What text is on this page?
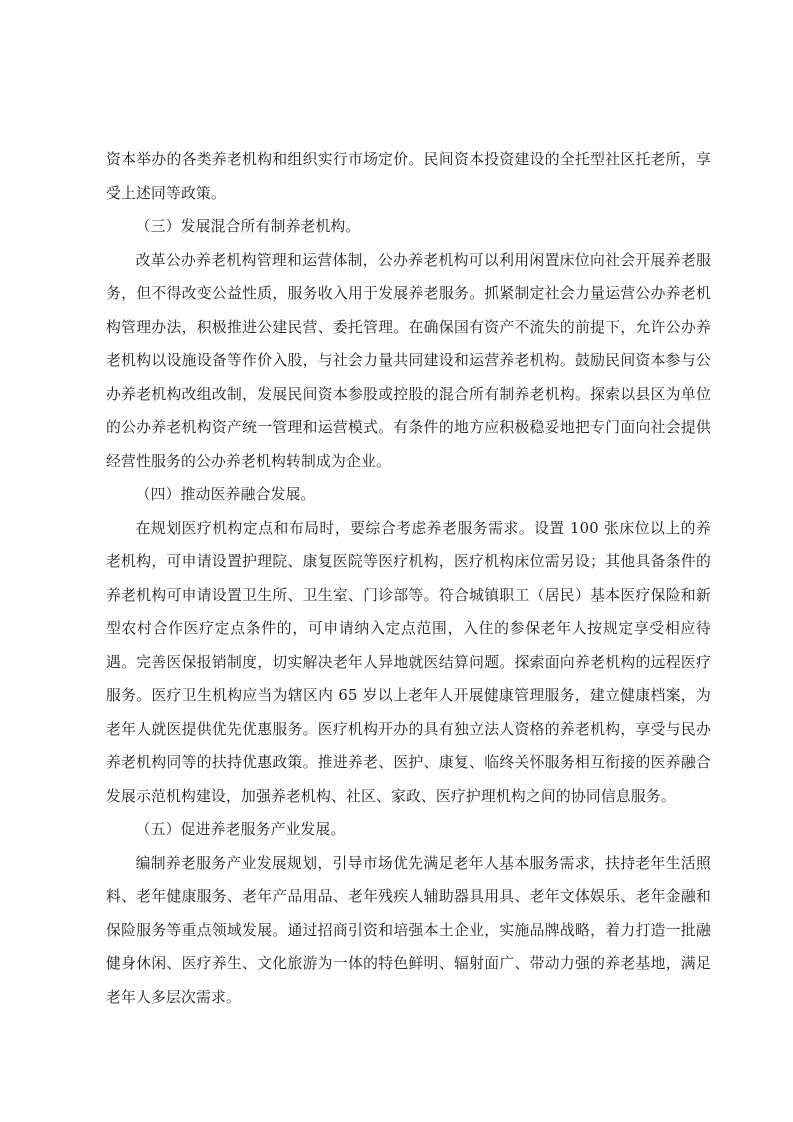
资本举办的各类养老机构和组织实行市场定价。民间资本投资建设的全托型社区托老所，享受上述同等政策。

（三）发展混合所有制养老机构。

改革公办养老机构管理和运营体制，公办养老机构可以利用闲置床位向社会开展养老服务，但不得改变公益性质，服务收入用于发展养老服务。抓紧制定社会力量运营公办养老机构管理办法，积极推进公建民营、委托管理。在确保国有资产不流失的前提下，允许公办养老机构以设施设备等作价入股，与社会力量共同建设和运营养老机构。鼓励民间资本参与公办养老机构改组改制，发展民间资本参股或控股的混合所有制养老机构。探索以县区为单位的公办养老机构资产统一管理和运营模式。有条件的地方应积极稳妥地把专门面向社会提供经营性服务的公办养老机构转制成为企业。

（四）推动医养融合发展。

在规划医疗机构定点和布局时，要综合考虑养老服务需求。设置 100 张床位以上的养老机构，可申请设置护理院、康复医院等医疗机构，医疗机构床位需另设；其他具备条件的养老机构可申请设置卫生所、卫生室、门诊部等。符合城镇职工（居民）基本医疗保险和新型农村合作医疗定点条件的，可申请纳入定点范围，入住的参保老年人按规定享受相应待遇。完善医保报销制度，切实解决老年人异地就医结算问题。探索面向养老机构的远程医疗服务。医疗卫生机构应当为辖区内 65 岁以上老年人开展健康管理服务，建立健康档案，为老年人就医提供优先优惠服务。医疗机构开办的具有独立法人资格的养老机构，享受与民办养老机构同等的扶持优惠政策。推进养老、医护、康复、临终关怀服务相互衔接的医养融合发展示范机构建设，加强养老机构、社区、家政、医疗护理机构之间的协同信息服务。

（五）促进养老服务产业发展。

编制养老服务产业发展规划，引导市场优先满足老年人基本服务需求，扶持老年生活照料、老年健康服务、老年产品用品、老年残疾人辅助器具用具、老年文体娱乐、老年金融和保险服务等重点领域发展。通过招商引资和培强本土企业，实施品牌战略，着力打造一批融健身休闲、医疗养生、文化旅游为一体的特色鲜明、辐射面广、带动力强的养老基地，满足老年人多层次需求。
